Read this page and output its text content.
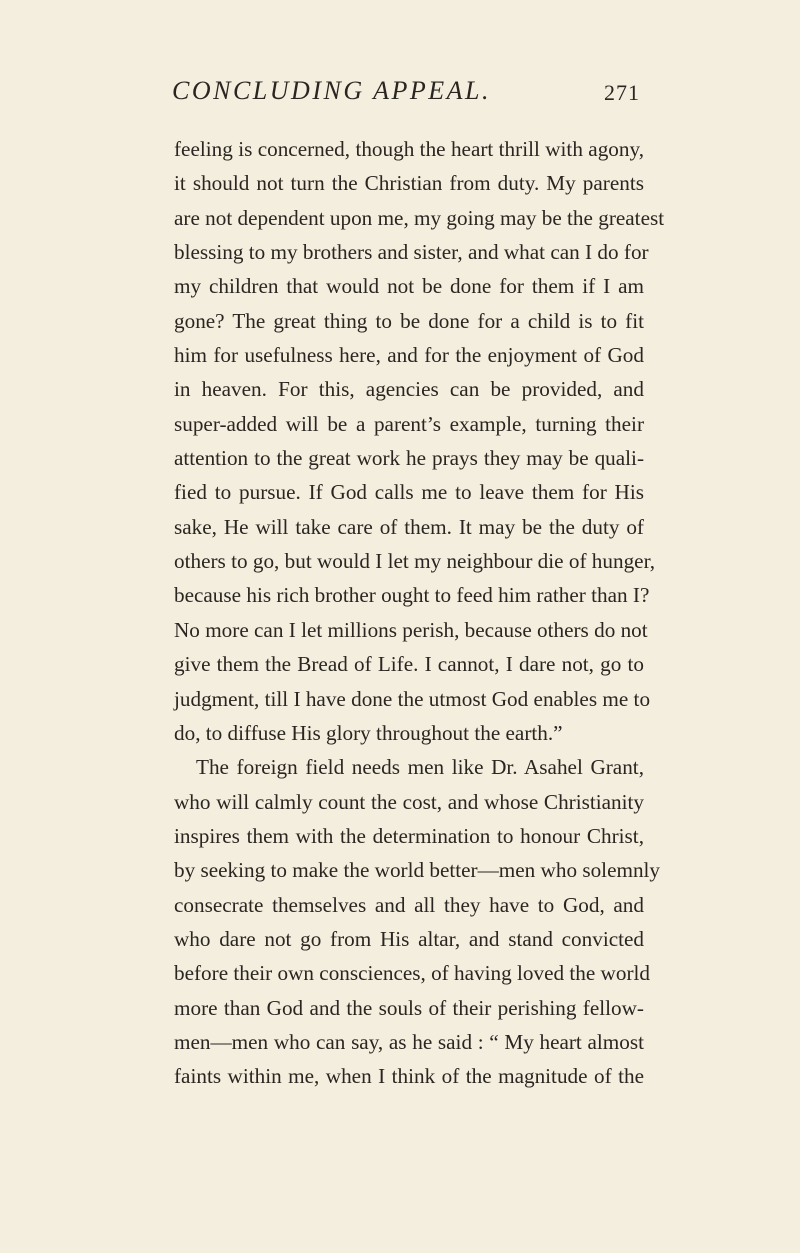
CONCLUDING APPEAL.	271
feeling is concerned, though the heart thrill with agony,
it should not turn the Christian from duty. My parents
are not dependent upon me, my going may be the greatest
blessing to my brothers and sister, and what can I do for
my children that would not be done for them if I am
gone? The great thing to be done for a child is to fit
him for usefulness here, and for the enjoyment of God
in heaven. For this, agencies can be provided, and
super-added will be a parent’s example, turning their
attention to the great work he prays they may be quali-
fied to pursue. If God calls me to leave them for His
sake, He will take care of them. It may be the duty of
others to go, but would I let my neighbour die of hunger,
because his rich brother ought to feed him rather than I?
No more can I let millions perish, because others do not
give them the Bread of Life. I cannot, I dare not, go to
judgment, till I have done the utmost God enables me to
do, to diffuse His glory throughout the earth.”
The foreign field needs men like Dr. Asahel Grant,
who will calmly count the cost, and whose Christianity
inspires them with the determination to honour Christ,
by seeking to make the world better—men who solemnly
consecrate themselves and all they have to God, and
who dare not go from His altar, and stand convicted
before their own consciences, of having loved the world
more than God and the souls of their perishing fellow-
men—men who can say, as he said : “ My heart almost
faints within me, when I think of the magnitude of the
